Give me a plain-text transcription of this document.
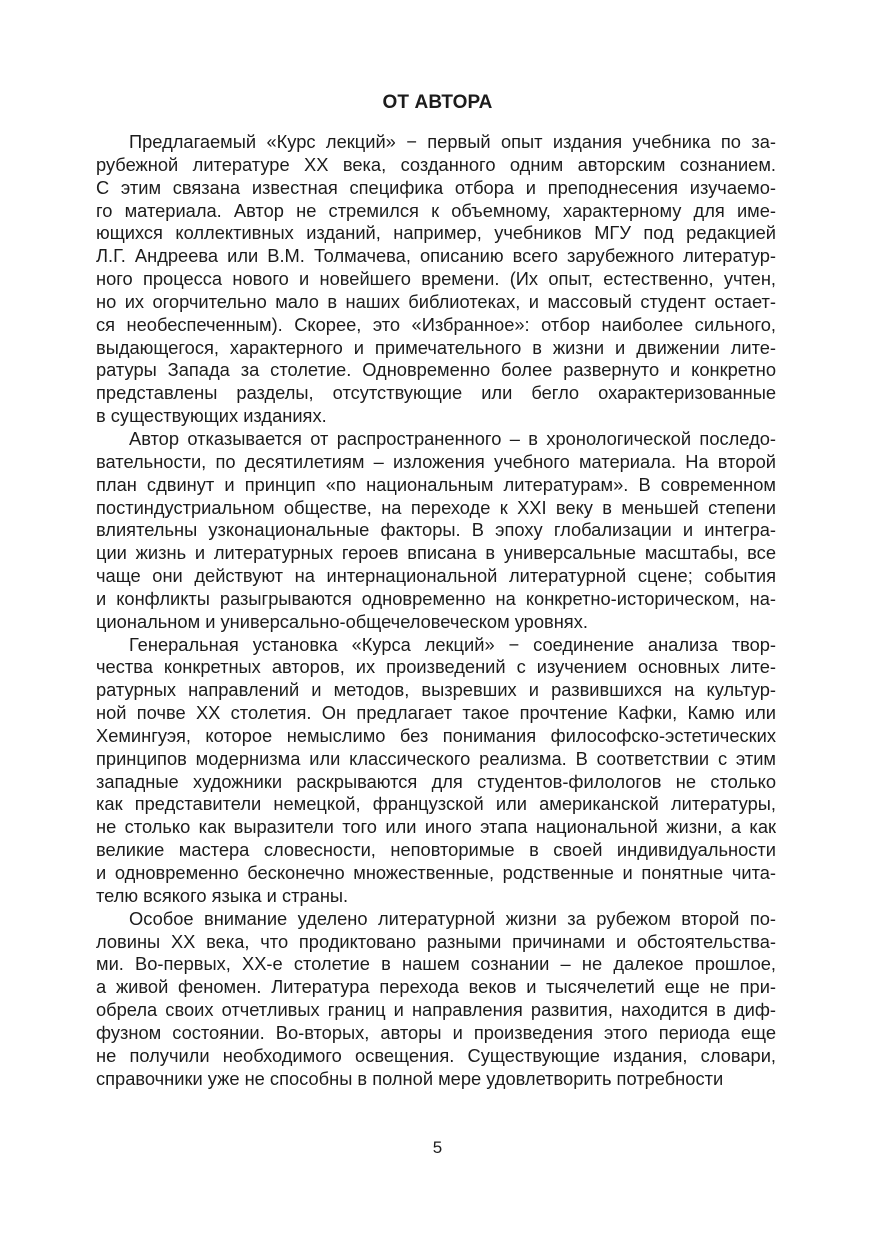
ОТ АВТОРА

Предлагаемый «Курс лекций» − первый опыт издания учебника по за-
рубежной литературе ХХ века, созданного одним авторским сознанием.
С этим связана известная специфика отбора и преподнесения изучаемо-
го материала. Автор не стремился к объемному, характерному для име-
ющихся коллективных изданий, например, учебников МГУ под редакцией
Л.Г. Андреева или В.М. Толмачева, описанию всего зарубежного литератур-
ного процесса нового и новейшего времени. (Их опыт, естественно, учтен,
но их огорчительно мало в наших библиотеках, и массовый студент остает-
ся необеспеченным). Скорее, это «Избранное»: отбор наиболее сильного,
выдающегося, характерного и примечательного в жизни и движении лите-
ратуры Запада за столетие. Одновременно более развернуто и конкретно
представлены разделы, отсутствующие или бегло охарактеризованные
в существующих изданиях.

Автор отказывается от распространенного – в хронологической последо-
вательности, по десятилетиям – изложения учебного материала. На второй
план сдвинут и принцип «по национальным литературам». В современном
постиндустриальном обществе, на переходе к XXI веку в меньшей степени
влиятельны узконациональные факторы. В эпоху глобализации и интегра-
ции жизнь и литературных героев вписана в универсальные масштабы, все
чаще они действуют на интернациональной литературной сцене; события
и конфликты разыгрываются одновременно на конкретно-историческом, на-
циональном и универсально-общечеловеческом уровнях.

Генеральная установка «Курса лекций» − соединение анализа твор-
чества конкретных авторов, их произведений с изучением основных лите-
ратурных направлений и методов, вызревших и развившихся на культур-
ной почве XX столетия. Он предлагает такое прочтение Кафки, Камю или
Хемингуэя, которое немыслимо без понимания философско-эстетических
принципов модернизма или классического реализма. В соответствии с этим
западные художники раскрываются для студентов-филологов не столько
как представители немецкой, французской или американской литературы,
не столько как выразители того или иного этапа национальной жизни, а как
великие мастера словесности, неповторимые в своей индивидуальности
и одновременно бесконечно множественные, родственные и понятные чита-
телю всякого языка и страны.

Особое внимание уделено литературной жизни за рубежом второй по-
ловины XX века, что продиктовано разными причинами и обстоятельства-
ми. Во-первых, XX-е столетие в нашем сознании – не далекое прошлое,
а живой феномен. Литература перехода веков и тысячелетий еще не при-
обрела своих отчетливых границ и направления развития, находится в диф-
фузном состоянии. Во-вторых, авторы и произведения этого периода еще
не получили необходимого освещения. Существующие издания, словари,
справочники уже не способны в полной мере удовлетворить потребности

5
